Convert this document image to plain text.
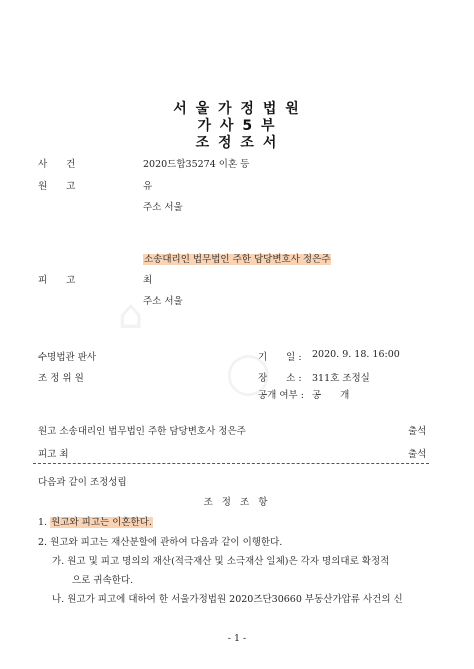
⌂
◯
서 울 가 정 법 원
가 사 5 부
조 정 조 서
사　　건	2020드합35274 이혼 등
원　　고	유
주소 서울
소송대리인 법무법인 주한 담당변호사 정은주
피　　고	최
주소 서울
수명법관 판사	기　　일 : 2020. 9. 18. 16:00
조 정 위 원	장　　소 : 311호 조정실
공개 여부 : 공　　개
원고 소송대리인 법무법인 주한 담당변호사 정은주	출석
피고 최	출석
다음과 같이 조정성립
조 정 조 항
1. 원고와 피고는 이혼한다.
2. 원고와 피고는 재산분할에 관하여 다음과 같이 이행한다.
가. 원고 및 피고 명의의 재산(적극재산 및 소극재산 일체)은 각자 명의대로 확정적
으로 귀속한다.
나. 원고가 피고에 대하여 한 서울가정법원 2020즈단30660 부동산가압류 사건의 신
- 1 -
